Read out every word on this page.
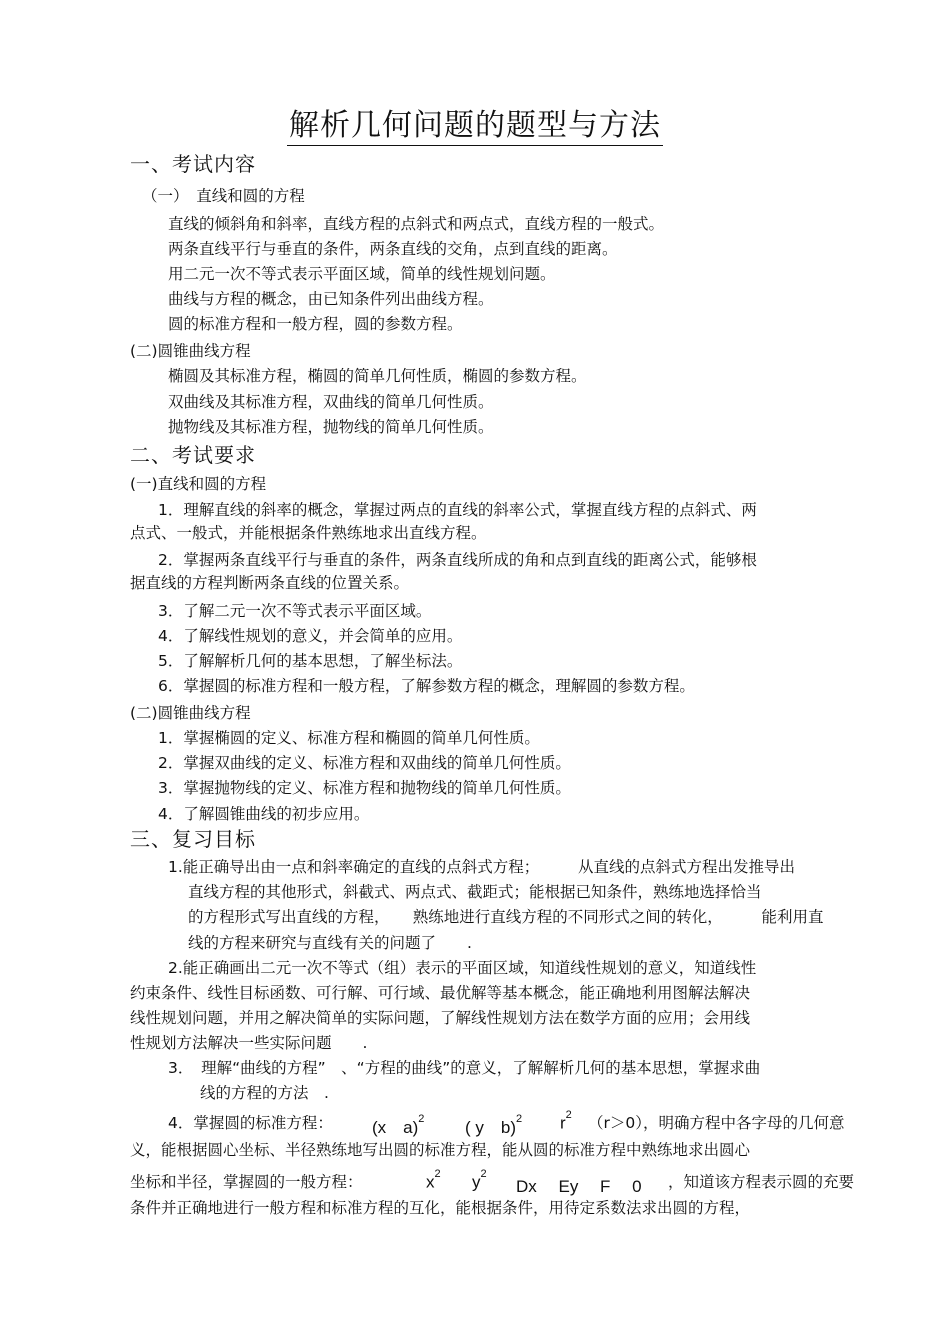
解析几何问题的题型与方法
一、考试内容
（一）　直线和圆的方程
直线的倾斜角和斜率，直线方程的点斜式和两点式，直线方程的一般式。
两条直线平行与垂直的条件，两条直线的交角，点到直线的距离。
用二元一次不等式表示平面区域，简单的线性规划问题。
曲线与方程的概念，由已知条件列出曲线方程。
圆的标准方程和一般方程，圆的参数方程。
(二)圆锥曲线方程
椭圆及其标准方程，椭圆的简单几何性质，椭圆的参数方程。
双曲线及其标准方程，双曲线的简单几何性质。
抛物线及其标准方程，抛物线的简单几何性质。
二、考试要求
(一)直线和圆的方程
1．理解直线的斜率的概念，掌握过两点的直线的斜率公式，掌握直线方程的点斜式、两
点式、一般式，并能根据条件熟练地求出直线方程。
2．掌握两条直线平行与垂直的条件，两条直线所成的角和点到直线的距离公式，能够根
据直线的方程判断两条直线的位置关系。
3．了解二元一次不等式表示平面区域。
4．了解线性规划的意义，并会简单的应用。
5．了解解析几何的基本思想，了解坐标法。
6．掌握圆的标准方程和一般方程，了解参数方程的概念，理解圆的参数方程。
(二)圆锥曲线方程
1．掌握椭圆的定义、标准方程和椭圆的简单几何性质。
2．掌握双曲线的定义、标准方程和双曲线的简单几何性质。
3．掌握抛物线的定义、标准方程和抛物线的简单几何性质。
4．了解圆锥曲线的初步应用。
三、复习目标
1.能正确导出由一点和斜率确定的直线的点斜式方程；　　　从直线的点斜式方程出发推导出
直线方程的其他形式，斜截式、两点式、截距式；能根据已知条件，熟练地选择恰当
的方程形式写出直线的方程，　　熟练地进行直线方程的不同形式之间的转化，　　　能利用直
线的方程来研究与直线有关的问题了　　.
2.能正确画出二元一次不等式（组）表示的平面区域，知道线性规划的意义，知道线性
约束条件、线性目标函数、可行解、可行域、最优解等基本概念，能正确地利用图解法解决
线性规划问题，并用之解决简单的实际问题，了解线性规划方法在数学方面的应用；会用线
性规划方法解决一些实际问题　　.
3．　理解“曲线的方程”　、“方程的曲线”的意义，了解解析几何的基本思想，掌握求曲
线的方程的方法　.
4．掌握圆的标准方程： (x　a)$^2$ ( y　b)$^2$ $r^2$ （r＞0），明确方程中各字母的几何意
义，能根据圆心坐标、半径熟练地写出圆的标准方程，能从圆的标准方程中熟练地求出圆心
坐标和半径，掌握圆的一般方程：	$x^2$ $y^2$
Dx　 Ey　 F　 0 ，知道该方程表示圆的充要
条件并正确地进行一般方程和标准方程的互化，能根据条件，用待定系数法求出圆的方程，
